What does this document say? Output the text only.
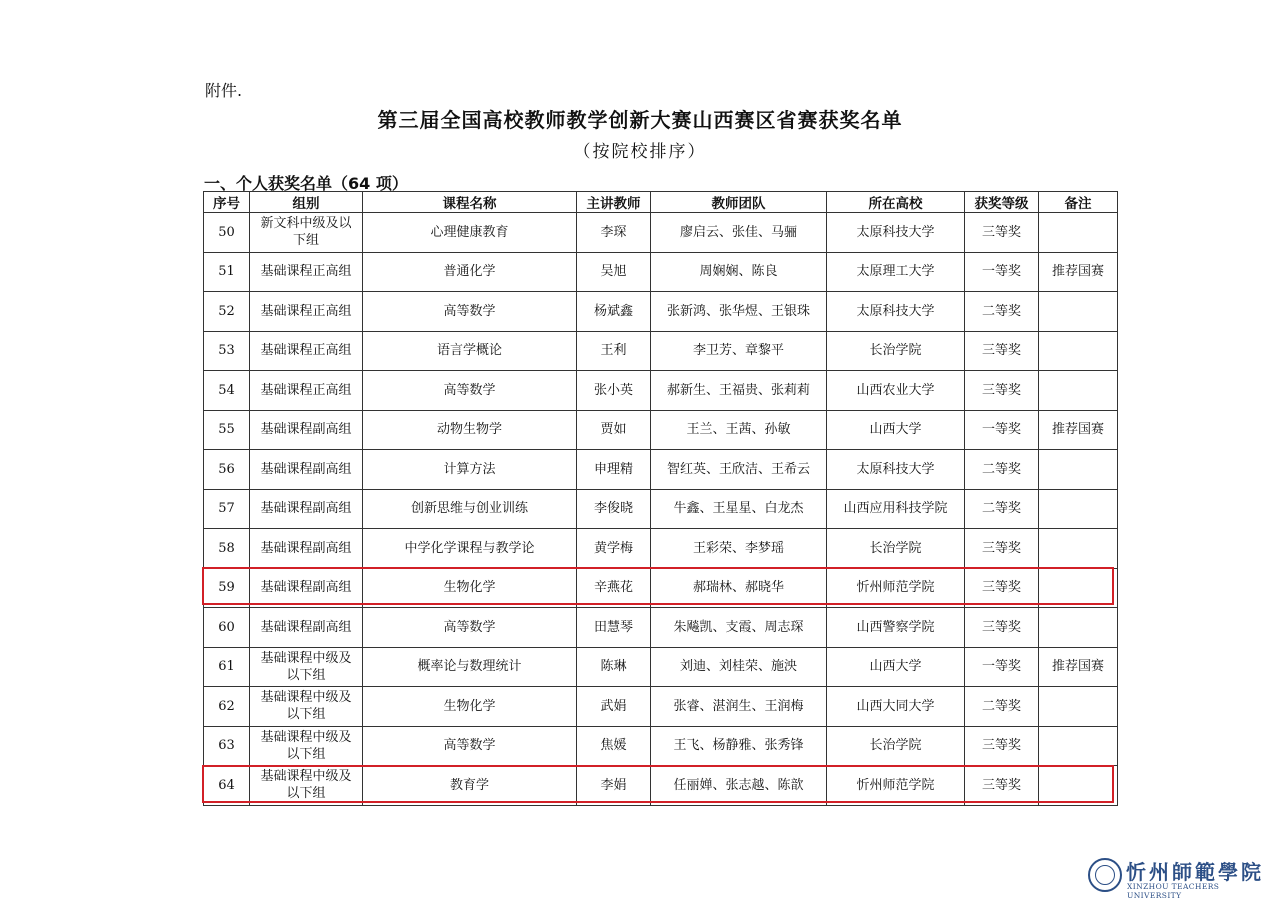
附件.
第三届全国高校教师教学创新大赛山西赛区省赛获奖名单
（按院校排序）
一、个人获奖名单（64 项）
序号	组别	课程名称	主讲教师	教师团队	所在高校	获奖等级	备注
50	新文科中级及以下组	心理健康教育	李琛	廖启云、张佳、马骊	太原科技大学	三等奖	
51	基础课程正高组	普通化学	吴旭	周娴娴、陈良	太原理工大学	一等奖	推荐国赛
52	基础课程正高组	高等数学	杨斌鑫	张新鸿、张华煜、王银珠	太原科技大学	二等奖	
53	基础课程正高组	语言学概论	王利	李卫芳、章黎平	长治学院	三等奖	
54	基础课程正高组	高等数学	张小英	郝新生、王福贵、张莉莉	山西农业大学	三等奖	
55	基础课程副高组	动物生物学	贾如	王兰、王茜、孙敏	山西大学	一等奖	推荐国赛
56	基础课程副高组	计算方法	申理精	智红英、王欣洁、王希云	太原科技大学	二等奖	
57	基础课程副高组	创新思维与创业训练	李俊晓	牛鑫、王星星、白龙杰	山西应用科技学院	二等奖	
58	基础课程副高组	中学化学课程与教学论	黄学梅	王彩荣、李梦瑶	长治学院	三等奖	
59	基础课程副高组	生物化学	辛燕花	郝瑞林、郝晓华	忻州师范学院	三等奖	
60	基础课程副高组	高等数学	田慧琴	朱飚凯、支霞、周志琛	山西警察学院	三等奖	
61	基础课程中级及以下组	概率论与数理统计	陈琳	刘迪、刘桂荣、施泱	山西大学	一等奖	推荐国赛
62	基础课程中级及以下组	生物化学	武娟	张睿、湛润生、王润梅	山西大同大学	二等奖	
63	基础课程中级及以下组	高等数学	焦媛	王飞、杨静雅、张秀锋	长治学院	三等奖	
64	基础课程中级及以下组	教育学	李娟	任丽婵、张志越、陈歆	忻州师范学院	三等奖	
忻州師範學院
XINZHOU TEACHERS UNIVERSITY
